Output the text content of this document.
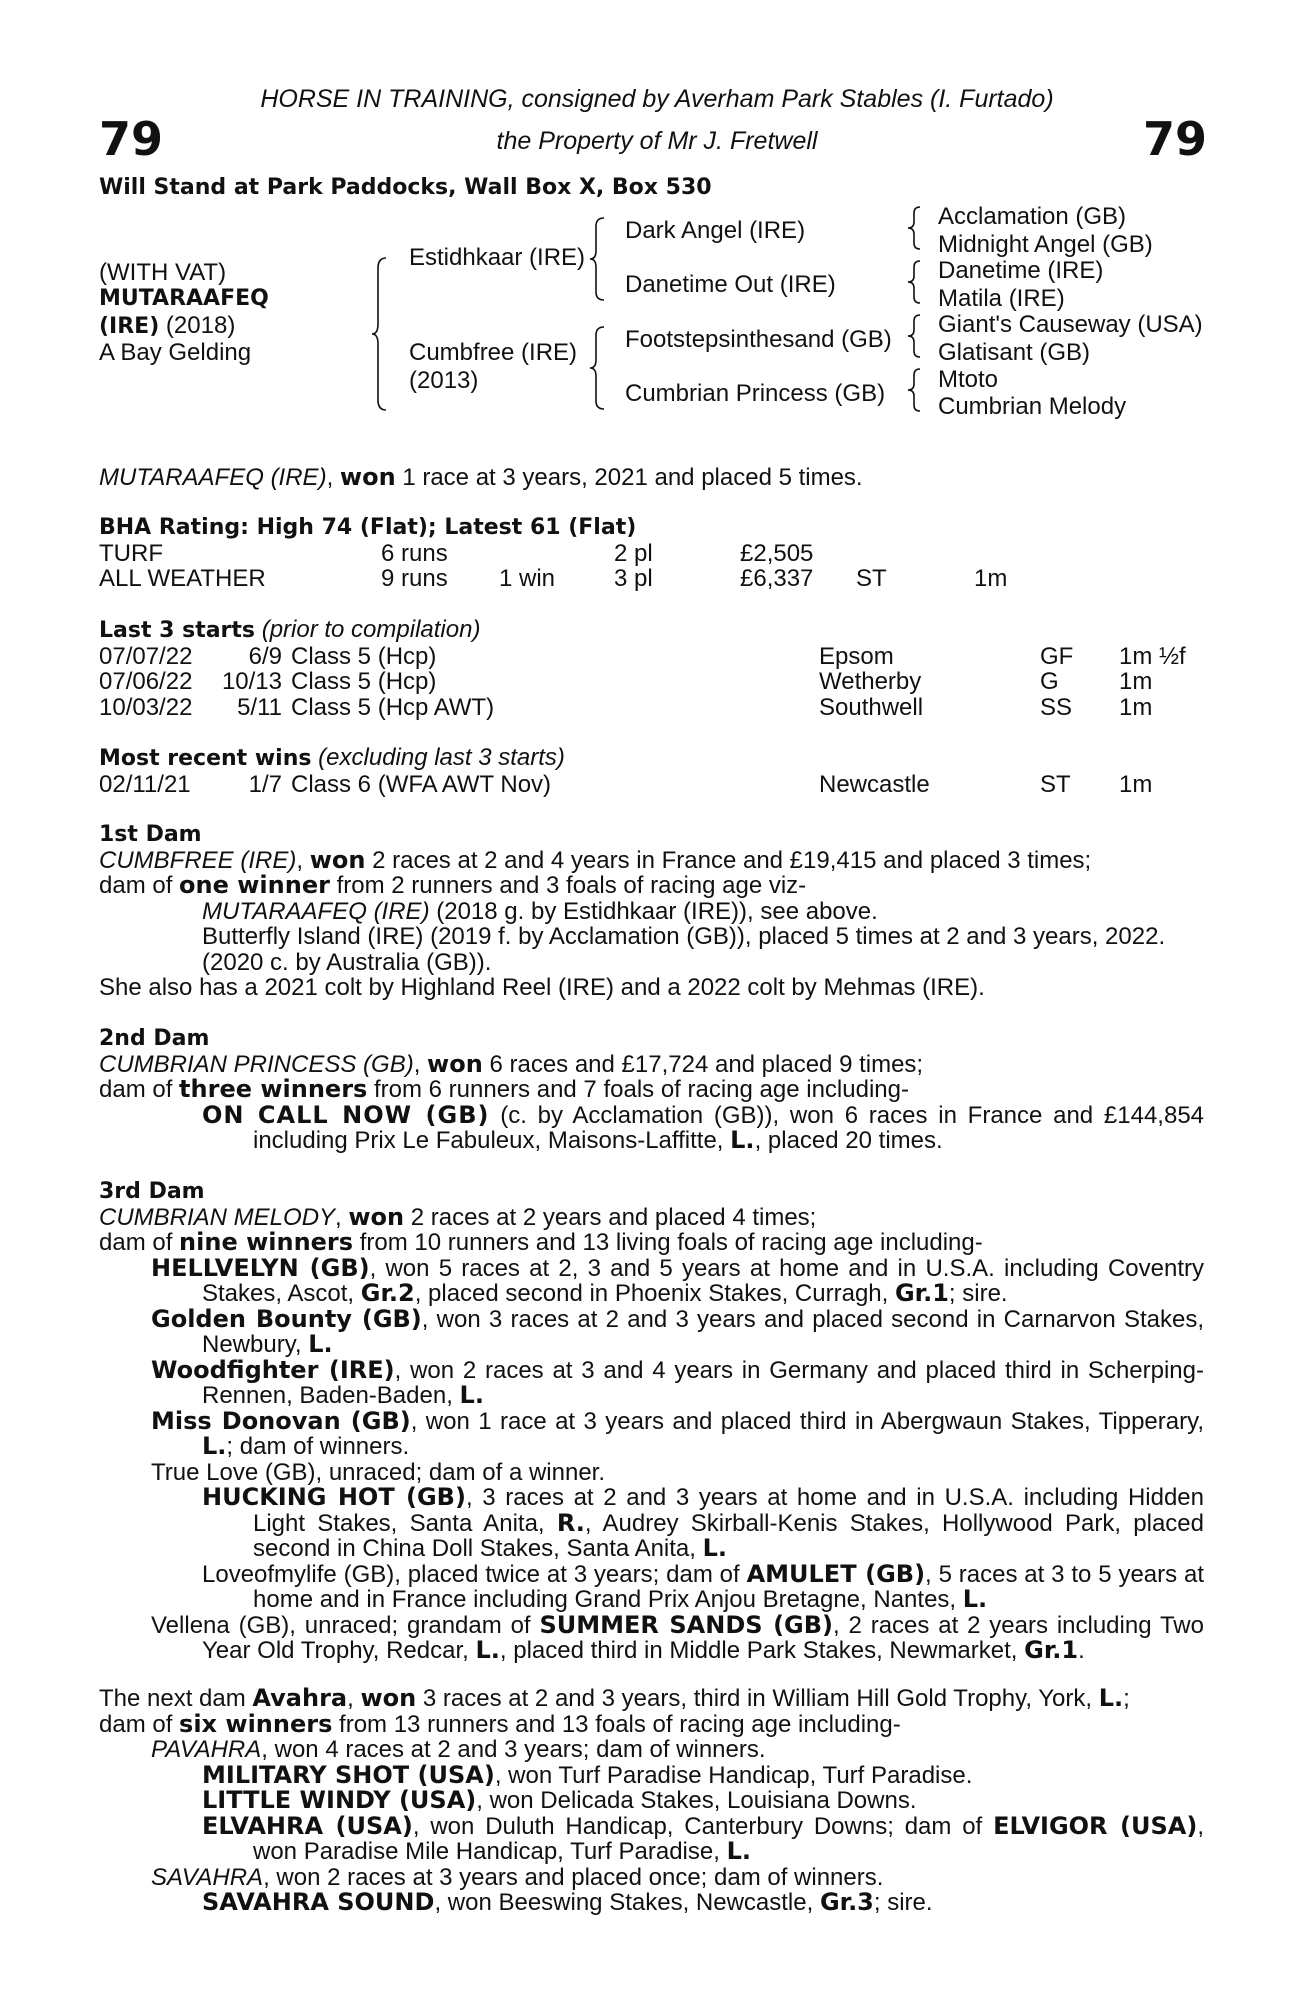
79	79
HORSE IN TRAINING, consigned by Averham Park Stables (I. Furtado)
the Property of Mr J. Fretwell
Will Stand at Park Paddocks, Wall Box X, Box 530
(WITH VAT)
MUTARAAFEQ
(IRE) (2018)
A Bay Gelding
Estidhkaar (IRE)
Cumbfree (IRE)
(2013)
Dark Angel (IRE)
Danetime Out (IRE)
Footstepsinthesand (GB)
Cumbrian Princess (GB)
Acclamation (GB)
Midnight Angel (GB)
Danetime (IRE)
Matila (IRE)
Giant's Causeway (USA)
Glatisant (GB)
Mtoto
Cumbrian Melody
MUTARAAFEQ (IRE), won 1 race at 3 years, 2021 and placed 5 times.
BHA Rating: High 74 (Flat); Latest 61 (Flat)
TURF	6 runs	2 pl	£2,505
ALL WEATHER	9 runs 1 win 3 pl	£6,337 ST	1m
Last 3 starts (prior to compilation)
07/07/22	6/9 Class 5 (Hcp)	Epsom	GF 1m ½f
07/06/22 10/13 Class 5 (Hcp)	Wetherby	G	1m
10/03/22	5/11 Class 5 (Hcp AWT)	Southwell	SS 1m
Most recent wins (excluding last 3 starts)
02/11/21	1/7 Class 6 (WFA AWT Nov)	Newcastle	ST 1m
1st Dam

CUMBFREE (IRE), won 2 races at 2 and 4 years in France and £19,415 and placed 3 times;

dam of one winner from 2 runners and 3 foals of racing age viz-

MUTARAAFEQ (IRE) (2018 g. by Estidhkaar (IRE)), see above.

Butterfly Island (IRE) (2019 f. by Acclamation (GB)), placed 5 times at 2 and 3 years, 2022.

(2020 c. by Australia (GB)).

She also has a 2021 colt by Highland Reel (IRE) and a 2022 colt by Mehmas (IRE).

2nd Dam

CUMBRIAN PRINCESS (GB), won 6 races and £17,724 and placed 9 times;

dam of three winners from 6 runners and 7 foals of racing age including-

ON CALL NOW (GB) (c. by Acclamation (GB)), won 6 races in France and £144,854 including Prix Le Fabuleux, Maisons-Laffitte, L., placed 20 times.

3rd Dam

CUMBRIAN MELODY, won 2 races at 2 years and placed 4 times;

dam of nine winners from 10 runners and 13 living foals of racing age including-

HELLVELYN (GB), won 5 races at 2, 3 and 5 years at home and in U.S.A. including Coventry Stakes, Ascot, Gr.2, placed second in Phoenix Stakes, Curragh, Gr.1; sire.

Golden Bounty (GB), won 3 races at 2 and 3 years and placed second in Carnarvon Stakes, Newbury, L.

Woodfighter (IRE), won 2 races at 3 and 4 years in Germany and placed third in Scherping-Rennen, Baden-Baden, L.

Miss Donovan (GB), won 1 race at 3 years and placed third in Abergwaun Stakes, Tipperary, L.; dam of winners.

True Love (GB), unraced; dam of a winner.

HUCKING HOT (GB), 3 races at 2 and 3 years at home and in U.S.A. including Hidden Light Stakes, Santa Anita, R., Audrey Skirball-Kenis Stakes, Hollywood Park, placed second in China Doll Stakes, Santa Anita, L.

Loveofmylife (GB), placed twice at 3 years; dam of AMULET (GB), 5 races at 3 to 5 years at home and in France including Grand Prix Anjou Bretagne, Nantes, L.

Vellena (GB), unraced; grandam of SUMMER SANDS (GB), 2 races at 2 years including Two Year Old Trophy, Redcar, L., placed third in Middle Park Stakes, Newmarket, Gr.1.

The next dam Avahra, won 3 races at 2 and 3 years, third in William Hill Gold Trophy, York, L.;

dam of six winners from 13 runners and 13 foals of racing age including-

PAVAHRA, won 4 races at 2 and 3 years; dam of winners.

MILITARY SHOT (USA), won Turf Paradise Handicap, Turf Paradise.

LITTLE WINDY (USA), won Delicada Stakes, Louisiana Downs.

ELVAHRA (USA), won Duluth Handicap, Canterbury Downs; dam of ELVIGOR (USA), won Paradise Mile Handicap, Turf Paradise, L.

SAVAHRA, won 2 races at 3 years and placed once; dam of winners.

SAVAHRA SOUND, won Beeswing Stakes, Newcastle, Gr.3; sire.
